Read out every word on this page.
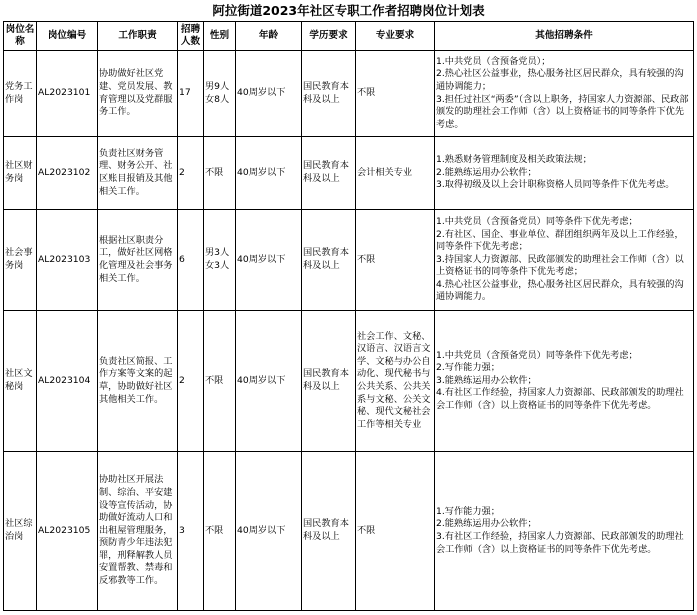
阿拉街道2023年社区专职工作者招聘岗位计划表
岗位名称	岗位编号	工作职责	招聘人数	性别	年龄	学历要求	专业要求	其他招聘条件
党务工作岗	AL2023101	协助做好社区党建、党员发展、教育管理以及党群服务工作。	17	男9人女8人	40周岁以下	国民教育本科及以上	不限	1.中共党员（含预备党员）；
2.热心社区公益事业，热心服务社区居民群众，具有较强的沟通协调能力；
3.担任过社区“两委”（含以上职务，持国家人力资源部、民政部颁发的助理社会工作师（含）以上资格证书的同等条件下优先考虑。

社区财务岗	AL2023102	负责社区财务管理、财务公开、社区账目报销及其他相关工作。	2	不限	40周岁以下	国民教育本科及以上	会计相关专业	1.熟悉财务管理制度及相关政策法规；
2.能熟练运用办公软件；
3.取得初级及以上会计职称资格人员同等条件下优先考虑。

社会事务岗	AL2023103	根据社区职责分工，做好社区网格化管理及社会事务相关工作。	6	男3人女3人	40周岁以下	国民教育本科及以上	不限	1.中共党员（含预备党员）同等条件下优先考虑；
2.有社区、国企、事业单位、群团组织两年及以上工作经验，同等条件下优先考虑；
3.持国家人力资源部、民政部颁发的助理社会工作师（含）以上资格证书的同等条件下优先考虑；
4.热心社区公益事业，热心服务社区居民群众，具有较强的沟通协调能力。

社区文秘岗	AL2023104	负责社区简报、工作方案等文案的起草，协助做好社区其他相关工作。	2	不限	40周岁以下	国民教育本科及以上	社会工作、文秘、汉语言、汉语言文学、文秘与办公自动化、现代秘书与公共关系、公共关系与文秘、公关文秘、现代文秘社会工作等相关专业	1.中共党员（含预备党员）同等条件下优先考虑；
2.写作能力强；
3.能熟练运用办公软件；
4.有社区工作经验，持国家人力资源部、民政部颁发的助理社会工作师（含）以上资格证书的同等条件下优先考虑。

社区综治岗	AL2023105	协助社区开展法制、综治、平安建设等宣传活动，协助做好流动人口和出租屋管理服务，预防青少年违法犯罪，刑释解教人员安置帮教、禁毒和反邪教等工作。	3	不限	40周岁以下	国民教育本科及以上	不限	1.写作能力强；
2.能熟练运用办公软件；
3.有社区工作经验，持国家人力资源部、民政部颁发的助理社会工作师（含）以上资格证书的同等条件下优先考虑。
